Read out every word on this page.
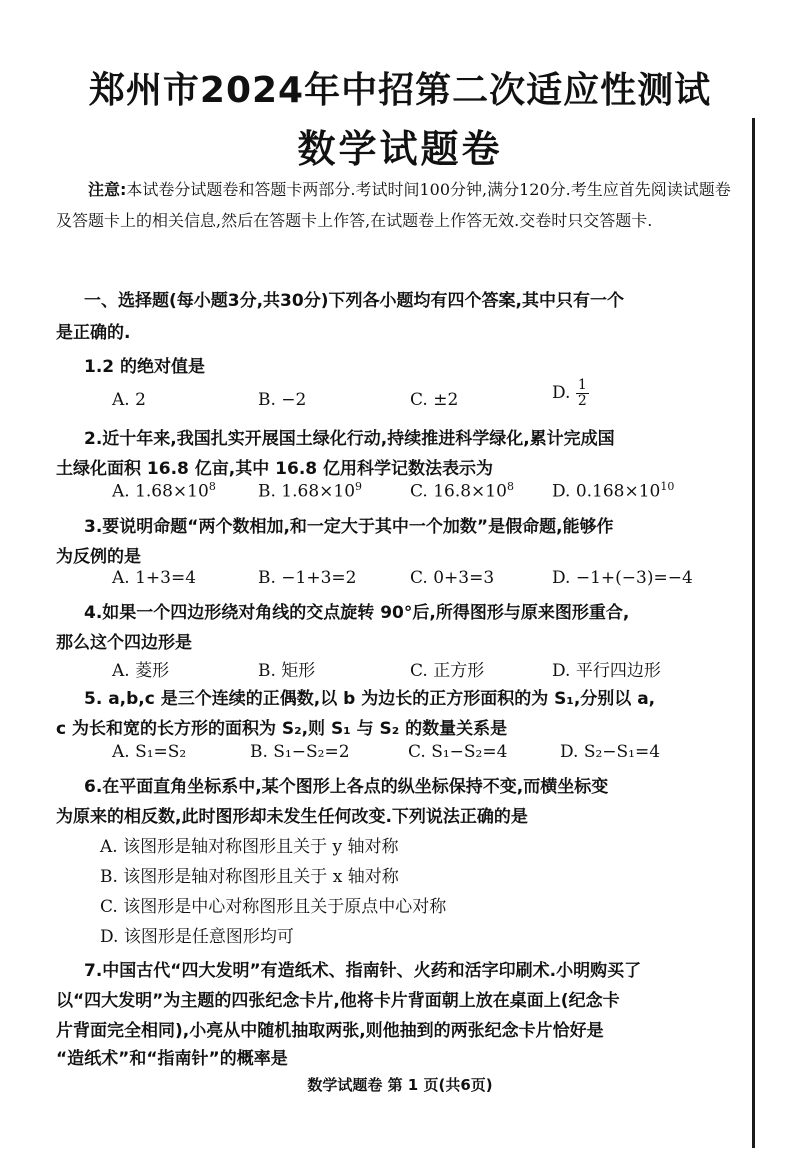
郑州市2024年中招第二次适应性测试
数学试题卷
注意:本试卷分试题卷和答题卡两部分.考试时间100分钟,满分120分.考生应首先阅读试题卷及答题卡上的相关信息,然后在答题卡上作答,在试题卷上作答无效.交卷时只交答题卡.
一、选择题(每小题3分,共30分)下列各小题均有四个答案,其中只有一个
是正确的.
1.2 的绝对值是
A. 2	B. −2	C. ±2	D. $\frac{1}{2}$
2.近十年来,我国扎实开展国土绿化行动,持续推进科学绿化,累计完成国
土绿化面积 16.8 亿亩,其中 16.8 亿用科学记数法表示为
A. $1.68\times 10^8$ B. $1.68\times 10^9$	C. $16.8\times 10^8$ D. $0.168\times 10^{10}$
3.要说明命题“两个数相加,和一定大于其中一个加数”是假命题,能够作
为反例的是
A. 1+3=4	B. −1+3=2	C. 0+3=3	D. −1+(−3)=−4
4.如果一个四边形绕对角线的交点旋转 90°后,所得图形与原来图形重合,
那么这个四边形是
A. 菱形	B. 矩形	C. 正方形	D. 平行四边形
5. a,b,c 是三个连续的正偶数,以 b 为边长的正方形面积的为 S₁,分别以 a,
c 为长和宽的长方形的面积为 S₂,则 S₁ 与 S₂ 的数量关系是
A. S₁=S₂	B. S₁−S₂=2	C. S₁−S₂=4	D. S₂−S₁=4
6.在平面直角坐标系中,某个图形上各点的纵坐标保持不变,而横坐标变
为原来的相反数,此时图形却未发生任何改变.下列说法正确的是
A. 该图形是轴对称图形且关于 y 轴对称
B. 该图形是轴对称图形且关于 x 轴对称
C. 该图形是中心对称图形且关于原点中心对称
D. 该图形是任意图形均可
7.中国古代“四大发明”有造纸术、指南针、火药和活字印刷术.小明购买了
以“四大发明”为主题的四张纪念卡片,他将卡片背面朝上放在桌面上(纪念卡
片背面完全相同),小亮从中随机抽取两张,则他抽到的两张纪念卡片恰好是
“造纸术”和“指南针”的概率是
数学试题卷 第 1 页(共6页)
